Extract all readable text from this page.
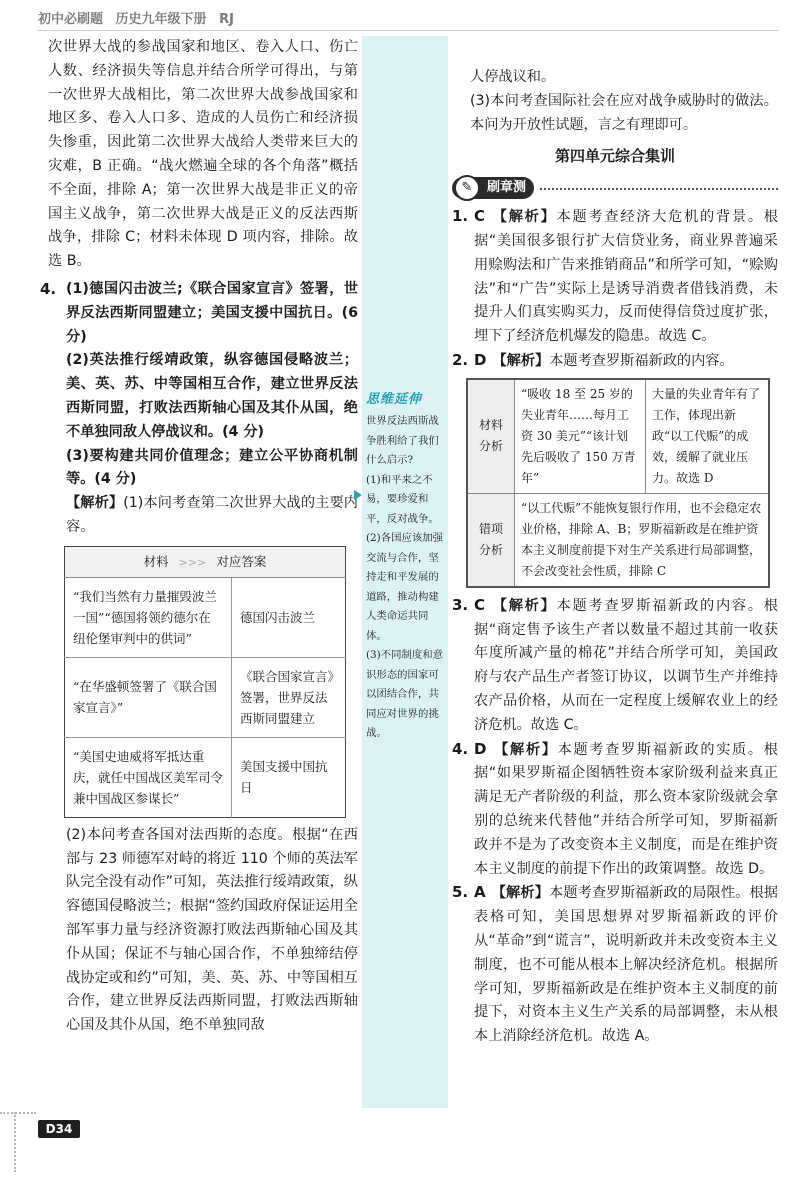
初中必刷题 历史九年级下册 RJ

次世界大战的参战国家和地区、卷入人口、伤亡人数、经济损失等信息并结合所学可得出，与第一次世界大战相比，第二次世界大战参战国家和地区多、卷入人口多、造成的人员伤亡和经济损失惨重，因此第二次世界大战给人类带来巨大的灾难，B 正确。“战火燃遍全球的各个角落”概括不全面，排除 A；第一次世界大战是非正义的帝国主义战争，第二次世界大战是正义的反法西斯战争，排除 C；材料未体现 D 项内容，排除。故选 B。

4. (1)德国闪击波兰;《联合国家宣言》签署，世界反法西斯同盟建立；美国支援中国抗日。(6 分)

(2)英法推行绥靖政策，纵容德国侵略波兰；美、英、苏、中等国相互合作，建立世界反法西斯同盟，打败法西斯轴心国及其仆从国，绝不单独同敌人停战议和。(4 分)

(3)要构建共同价值理念；建立公平协商机制等。(4 分)

【解析】(1)本问考查第二次世界大战的主要内容。

材料 >>> 对应答案	
“我们当然有力量摧毁波兰一国”“德国将领约德尔在纽伦堡审判中的供词”	德国闪击波兰
“在华盛顿签署了《联合国家宣言》”	《联合国家宣言》签署，世界反法西斯同盟建立
“美国史迪威将军抵达重庆，就任中国战区美军司令兼中国战区参谋长”	美国支援中国抗日

(2)本问考查各国对法西斯的态度。根据“在西部与 23 师德军对峙的将近 110 个师的英法军队完全没有动作”可知，英法推行绥靖政策，纵容德国侵略波兰；根据“签约国政府保证运用全部军事力量与经济资源打败法西斯轴心国及其仆从国；保证不与轴心国合作，不单独缔结停战协定或和约”可知，美、英、苏、中等国相互合作，建立世界反法西斯同盟，打败法西斯轴心国及其仆从国，绝不单独同敌

思维延伸

世界反法西斯战争胜利给了我们什么启示?

(1)和平来之不易，要珍爱和平，反对战争。

(2)各国应该加强交流与合作，坚持走和平发展的道路，推动构建人类命运共同体。

(3)不同制度和意识形态的国家可以团结合作，共同应对世界的挑战。

人停战议和。

(3)本问考查国际社会在应对战争威胁时的做法。本问为开放性试题，言之有理即可。

第四单元综合集训

刷章测
✎
1. C 【解析】本题考查经济大危机的背景。根据“美国很多银行扩大信贷业务，商业界普遍采用赊购法和广告来推销商品”和所学可知，“赊购法”和“广告”实际上是诱导消费者借钱消费，未提升人们真实购买力，反而使得信贷过度扩张，埋下了经济危机爆发的隐患。故选 C。

2. D 【解析】本题考查罗斯福新政的内容。

材料分析	“吸收 18 至 25 岁的失业青年……每月工资 30 美元”“该计划先后吸收了 150 万青年”	大量的失业青年有了工作，体现出新政“以工代赈”的成效，缓解了就业压力。故选 D
错项分析	“以工代赈”不能恢复银行作用，也不会稳定农业价格，排除 A、B；罗斯福新政是在维护资本主义制度前提下对生产关系进行局部调整，不会改变社会性质，排除 C	
3. C 【解析】本题考查罗斯福新政的内容。根据“商定售予该生产者以数量不超过其前一收获年度所减产量的棉花”并结合所学可知，美国政府与农产品生产者签订协议，以调节生产并维持农产品价格，从而在一定程度上缓解农业上的经济危机。故选 C。

4. D 【解析】本题考查罗斯福新政的实质。根据“如果罗斯福企图牺牲资本家阶级利益来真正满足无产者阶级的利益，那么资本家阶级就会拿别的总统来代替他”并结合所学可知，罗斯福新政并不是为了改变资本主义制度，而是在维护资本主义制度的前提下作出的政策调整。故选 D。

5. A 【解析】本题考查罗斯福新政的局限性。根据表格可知，美国思想界对罗斯福新政的评价从“革命”到“谎言”，说明新政并未改变资本主义制度，也不可能从根本上解决经济危机。根据所学可知，罗斯福新政是在维护资本主义制度的前提下，对资本主义生产关系的局部调整，未从根本上消除经济危机。故选 A。

D34
